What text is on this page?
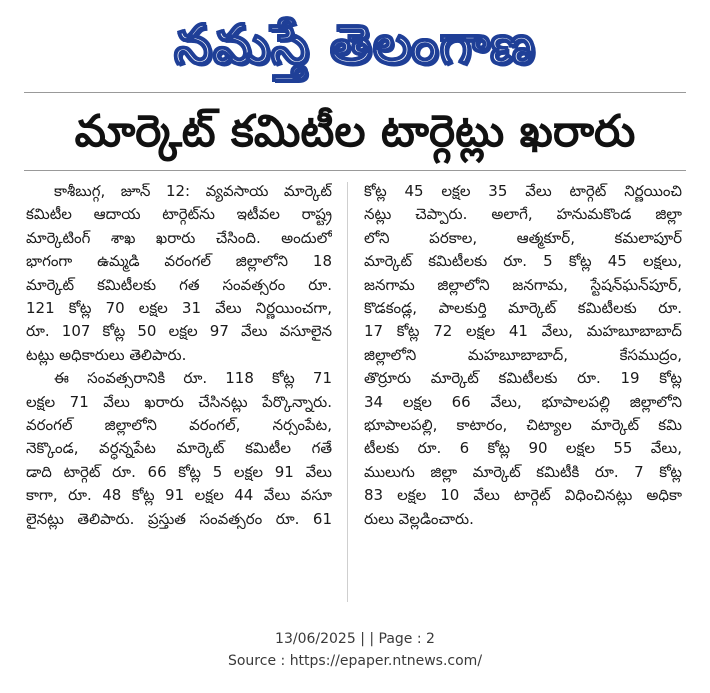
నమస్తే తెలంగాణ
మార్కెట్ కమిటీల టార్గెట్లు ఖరారు
కాశీబుగ్గ, జూన్ 12: వ్యవసాయ మార్కెట్
కమిటీల ఆదాయ టార్గెట్‌ను ఇటీవల రాష్ట్ర
మార్కెటింగ్ శాఖ ఖరారు చేసింది. అందులో
భాగంగా ఉమ్మడి వరంగల్ జిల్లాలోని 18
మార్కెట్ కమిటీలకు గత సంవత్సరం రూ.
121 కోట్ల 70 లక్షల 31 వేలు నిర్ణయించగా,
రూ. 107 కోట్ల 50 లక్షల 97 వేలు వసూలైన
టట్లు అధికారులు తెలిపారు.
ఈ సంవత్సరానికి రూ. 118 కోట్ల 71
లక్షల 71 వేలు ఖరారు చేసినట్లు పేర్కొన్నారు.
వరంగల్ జిల్లాలోని వరంగల్, నర్సంపేట,
నెక్కొండ, వర్ధన్నపేట మార్కెట్ కమిటీల గతే
డాది టార్గెట్ రూ. 66 కోట్ల 5 లక్షల 91 వేలు
కాగా, రూ. 48 కోట్ల 91 లక్షల 44 వేలు వసూ
లైనట్లు తెలిపారు. ప్రస్తుత సంవత్సరం రూ. 61
కోట్ల 45 లక్షల 35 వేలు టార్గెట్ నిర్ణయించి
నట్లు చెప్పారు. అలాగే, హనుమకొండ జిల్లా
లోని పరకాల, ఆత్మకూర్, కమలాపూర్
మార్కెట్ కమిటీలకు రూ. 5 కోట్ల 45 లక్షలు,
జనగామ జిల్లాలోని జనగామ, స్టేషన్‌ఘన్‌పూర్,
కొడకండ్ల, పాలకుర్తి మార్కెట్ కమిటీలకు రూ.
17 కోట్ల 72 లక్షల 41 వేలు, మహబూబాబాద్
జిల్లాలోని మహబూబాబాద్, కేసముద్రం,
తొర్రూరు మార్కెట్ కమిటీలకు రూ. 19 కోట్ల
34 లక్షల 66 వేలు, భూపాలపల్లి జిల్లాలోని
భూపాలపల్లి, కాటారం, చిట్యాల మార్కెట్ కమి
టీలకు రూ. 6 కోట్ల 90 లక్షల 55 వేలు,
ములుగు జిల్లా మార్కెట్ కమిటీకి రూ. 7 కోట్ల
83 లక్షల 10 వేలు టార్గెట్ విధించినట్లు అధికా
రులు వెల్లడించారు.
13/06/2025 | | Page : 2
Source : https://epaper.ntnews.com/
